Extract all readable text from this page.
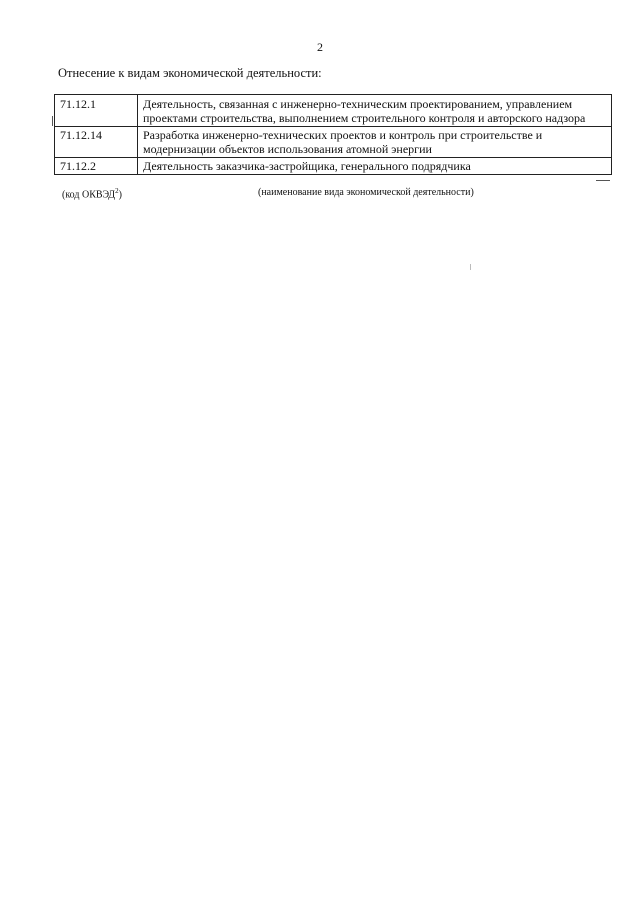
2
Отнесение к видам экономической деятельности:
71.12.1	Деятельность, связанная с инженерно-техническим проектированием, управлением проектами строительства, выполнением строительного контроля и авторского надзора
71.12.14	Разработка инженерно-технических проектов и контроль при строительстве и модернизации объектов использования атомной энергии
71.12.2	Деятельность заказчика-застройщика, генерального подрядчика
(код ОКВЭД$^2$)	(наименование вида экономической деятельности)
